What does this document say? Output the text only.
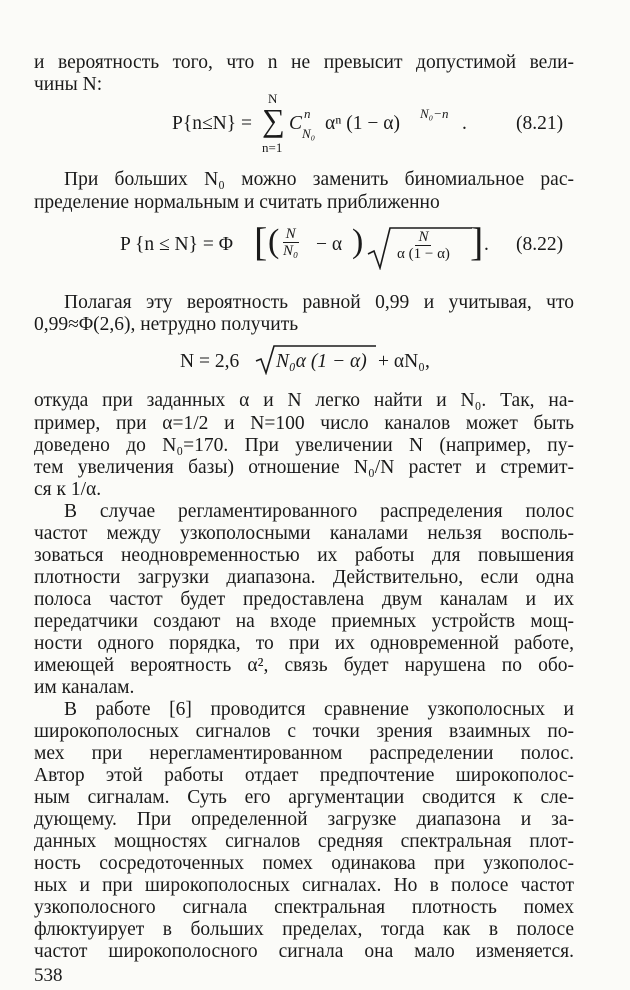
и вероятность того, что n не превысит допустимой вели-
чины N:
P{n≤N} =
N
∑
n=1
C n
N₀ αⁿ (1 − α) N₀−n .	(8.21)
При больших N₀ можно заменить биномиальное рас-
пределение нормальным и считать приближенно
P {n ≤ N} = Φ [ ( $\frac{N}{\text{N₀}} - \alpha$ ) $\frac{N}{\alpha (1 - \alpha)}$ ] . (8.22)
Полагая эту вероятность равной 0,99 и учитывая, что
0,99≈Φ(2,6), нетрудно получить
N = 2,6 N₀α (1 − α) + αN₀,
откуда при заданных α и N легко найти и N₀. Так, на-
пример, при α=1/2 и N=100 число каналов может быть
доведено до N₀=170. При увеличении N (например, пу-
тем увеличения базы) отношение N₀/N растет и стремит-
ся к 1/α.
В случае регламентированного распределения полос
частот между узкополосными каналами нельзя восполь-
зоваться неодновременностью их работы для повышения
плотности загрузки диапазона. Действительно, если одна
полоса частот будет предоставлена двум каналам и их
передатчики создают на входе приемных устройств мощ-
ности одного порядка, то при их одновременной работе,
имеющей вероятность α², связь будет нарушена по обо-
им каналам.
В работе [6] проводится сравнение узкополосных и
широкополосных сигналов с точки зрения взаимных по-
мех при нерегламентированном распределении полос.
Автор этой работы отдает предпочтение широкополос-
ным сигналам. Суть его аргументации сводится к сле-
дующему. При определенной загрузке диапазона и за-
данных мощностях сигналов средняя спектральная плот-
ность сосредоточенных помех одинакова при узкополос-
ных и при широкополосных сигналах. Но в полосе частот
узкополосного сигнала спектральная плотность помех
флюктуирует в больших пределах, тогда как в полосе
частот широкополосного сигнала она мало изменяется.
538
